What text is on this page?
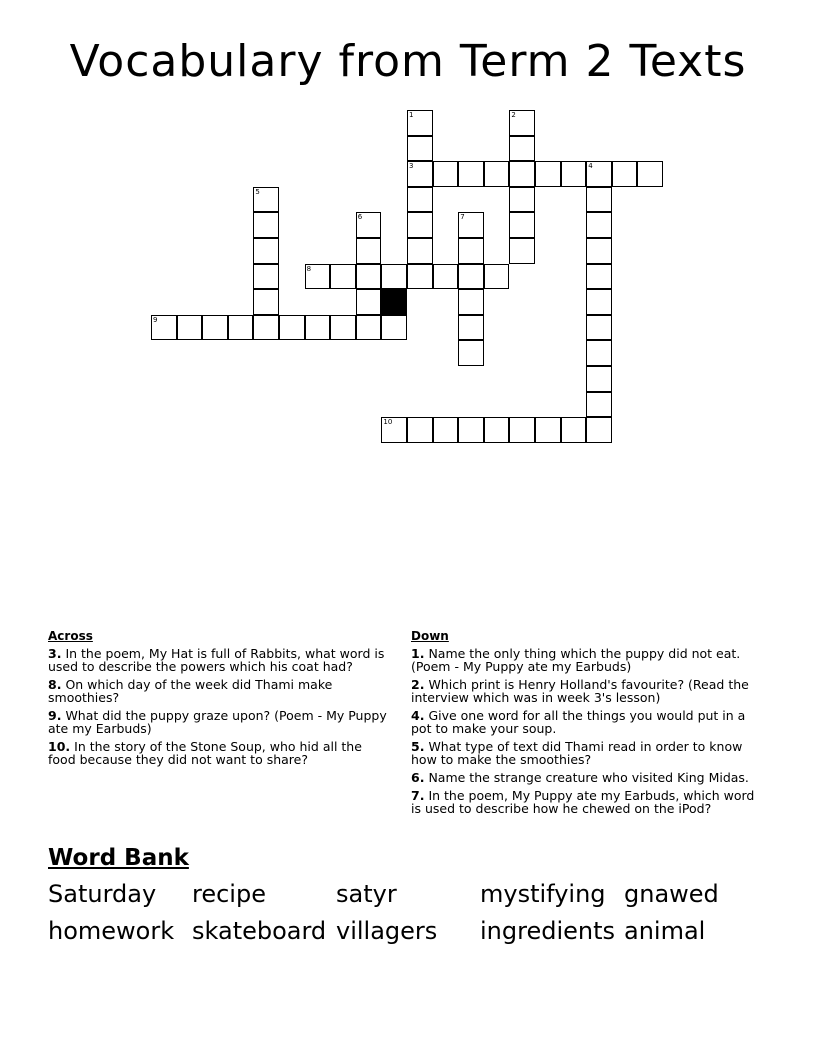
Vocabulary from Term 2 Texts
1
3
2
4
5
6	7
8
9
10
Across
3. In the poem, My Hat is full of Rabbits, what word is used to describe the powers which his coat had?
8. On which day of the week did Thami make smoothies?
9. What did the puppy graze upon? (Poem - My Puppy ate my Earbuds)
10. In the story of the Stone Soup, who hid all the food because they did not want to share?
Down
1. Name the only thing which the puppy did not eat. (Poem - My Puppy ate my Earbuds)
2. Which print is Henry Holland's favourite? (Read the interview which was in week 3's lesson)
4. Give one word for all the things you would put in a pot to make your soup.
5. What type of text did Thami read in order to know how to make the smoothies?
6. Name the strange creature who visited King Midas.
7. In the poem, My Puppy ate my Earbuds, which word is used to describe how he chewed on the iPod?
Word Bank
Saturday recipe	satyr	mystifying gnawed
homework skateboard villagers ingredients animal
